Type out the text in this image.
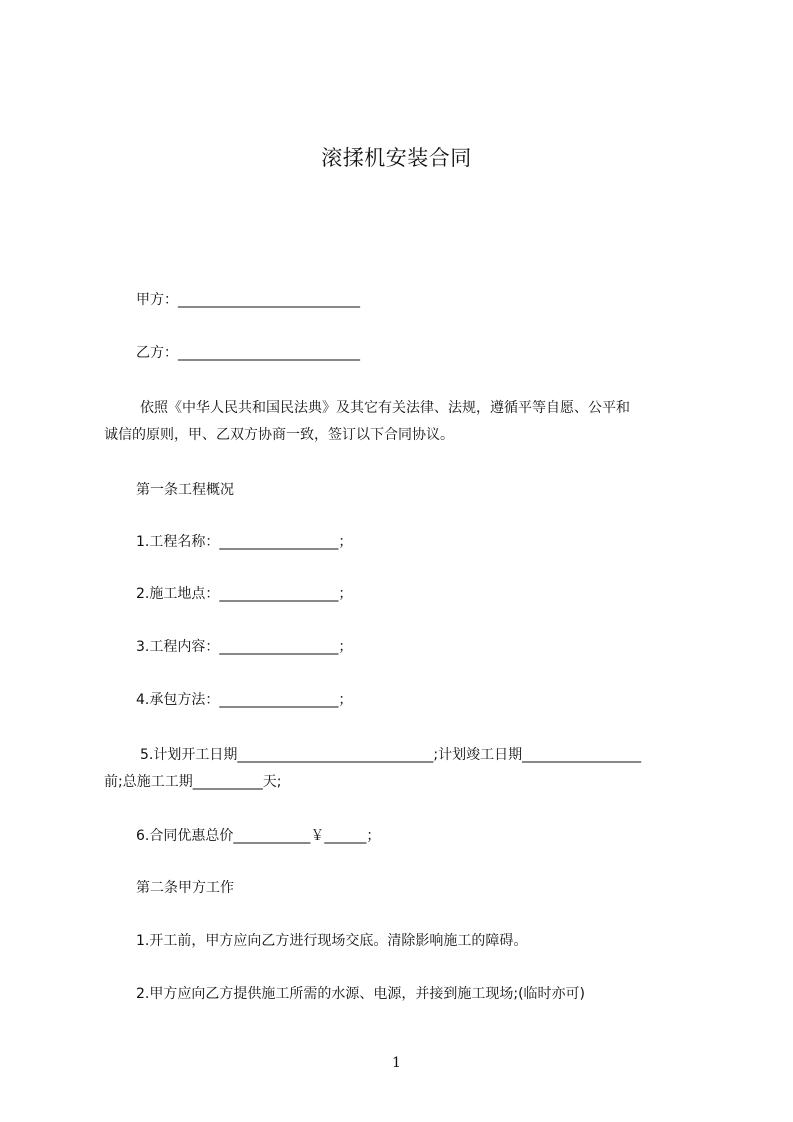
滚揉机安装合同
甲方：__________________________
乙方：__________________________
依照《中华人民共和国民法典》及其它有关法律、法规，遵循平等自愿、公平和
诚信的原则，甲、乙双方协商一致，签订以下合同协议。
第一条工程概况
1.工程名称：_________________；
2.施工地点：_________________；
3.工程内容：_________________；
4.承包方法：_________________；
5.计划开工日期____________________________;计划竣工日期_________________
前;总施工工期__________天;
6.合同优惠总价___________￥______；
第二条甲方工作
1.开工前，甲方应向乙方进行现场交底。清除影响施工的障碍。
2.甲方应向乙方提供施工所需的水源、电源，并接到施工现场;(临时亦可)
1
